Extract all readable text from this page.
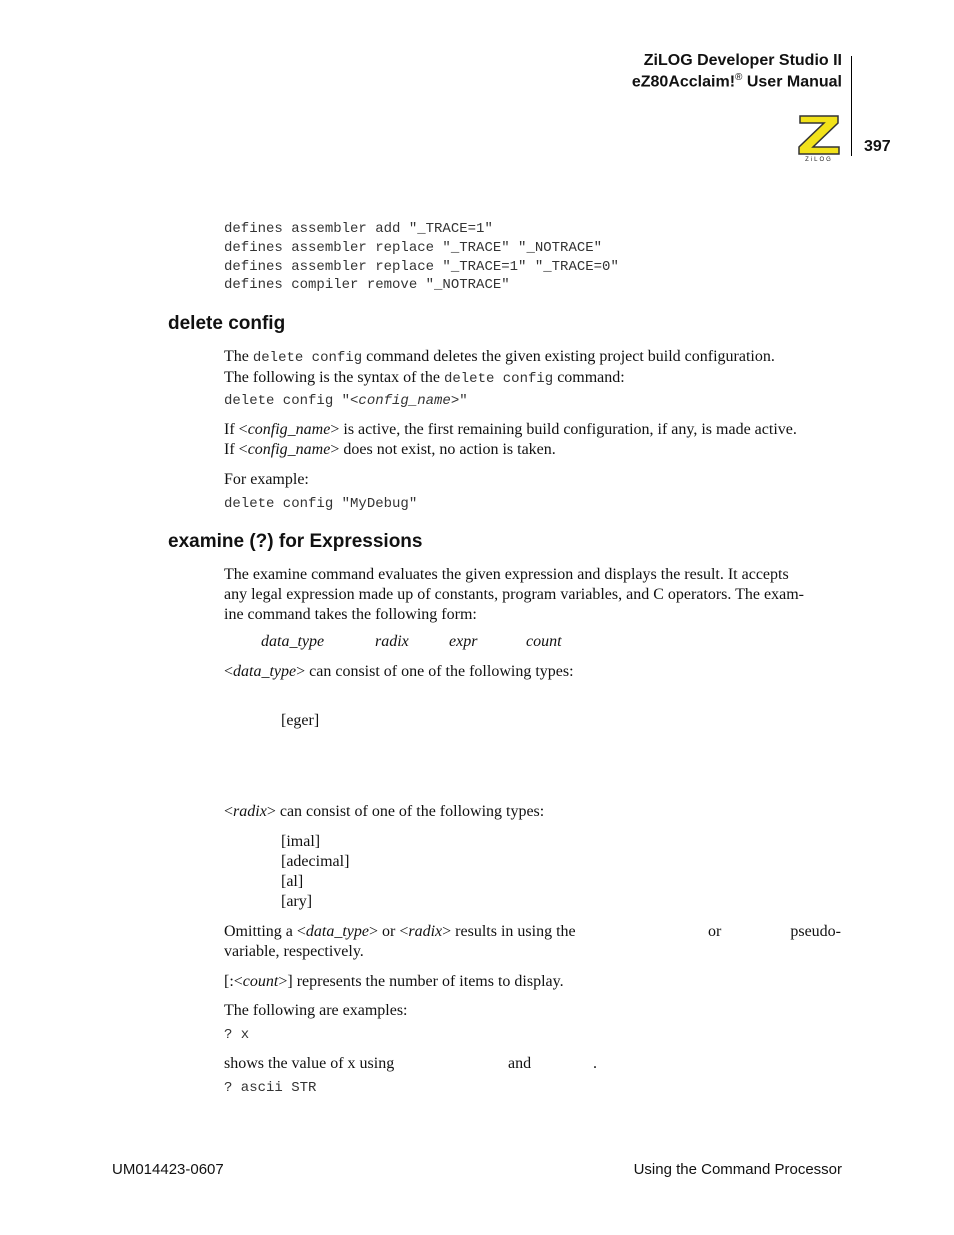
ZiLOG Developer Studio II
eZ80Acclaim!® User Manual
ZiLOG
397
defines assembler add "_TRACE=1"
defines assembler replace "_TRACE" "_NOTRACE"
defines assembler replace "_TRACE=1" "_TRACE=0"
defines compiler remove "_NOTRACE"
delete config
The delete config command deletes the given existing project build configuration.
The following is the syntax of the delete config command:
delete config "<config_name>"
If <config_name> is active, the first remaining build configuration, if any, is made active.
If <config_name> does not exist, no action is taken.
For example:
delete config "MyDebug"
examine (?) for Expressions
The examine command evaluates the given expression and displays the result. It accepts
any legal expression made up of constants, program variables, and C operators. The exam-
ine command takes the following form:
data_type	radix	expr	count
<data_type> can consist of one of the following types:
[eger]
<radix> can consist of one of the following types:
[imal]
[adecimal]
[al]
[ary]
Omitting a <data_type> or <radix> results in using the	or	pseudo-
variable, respectively.
[:<count>] represents the number of items to display.
The following are examples:
? x
shows the value of x using	and	.
? ascii STR
UM014423-0607	Using the Command Processor
